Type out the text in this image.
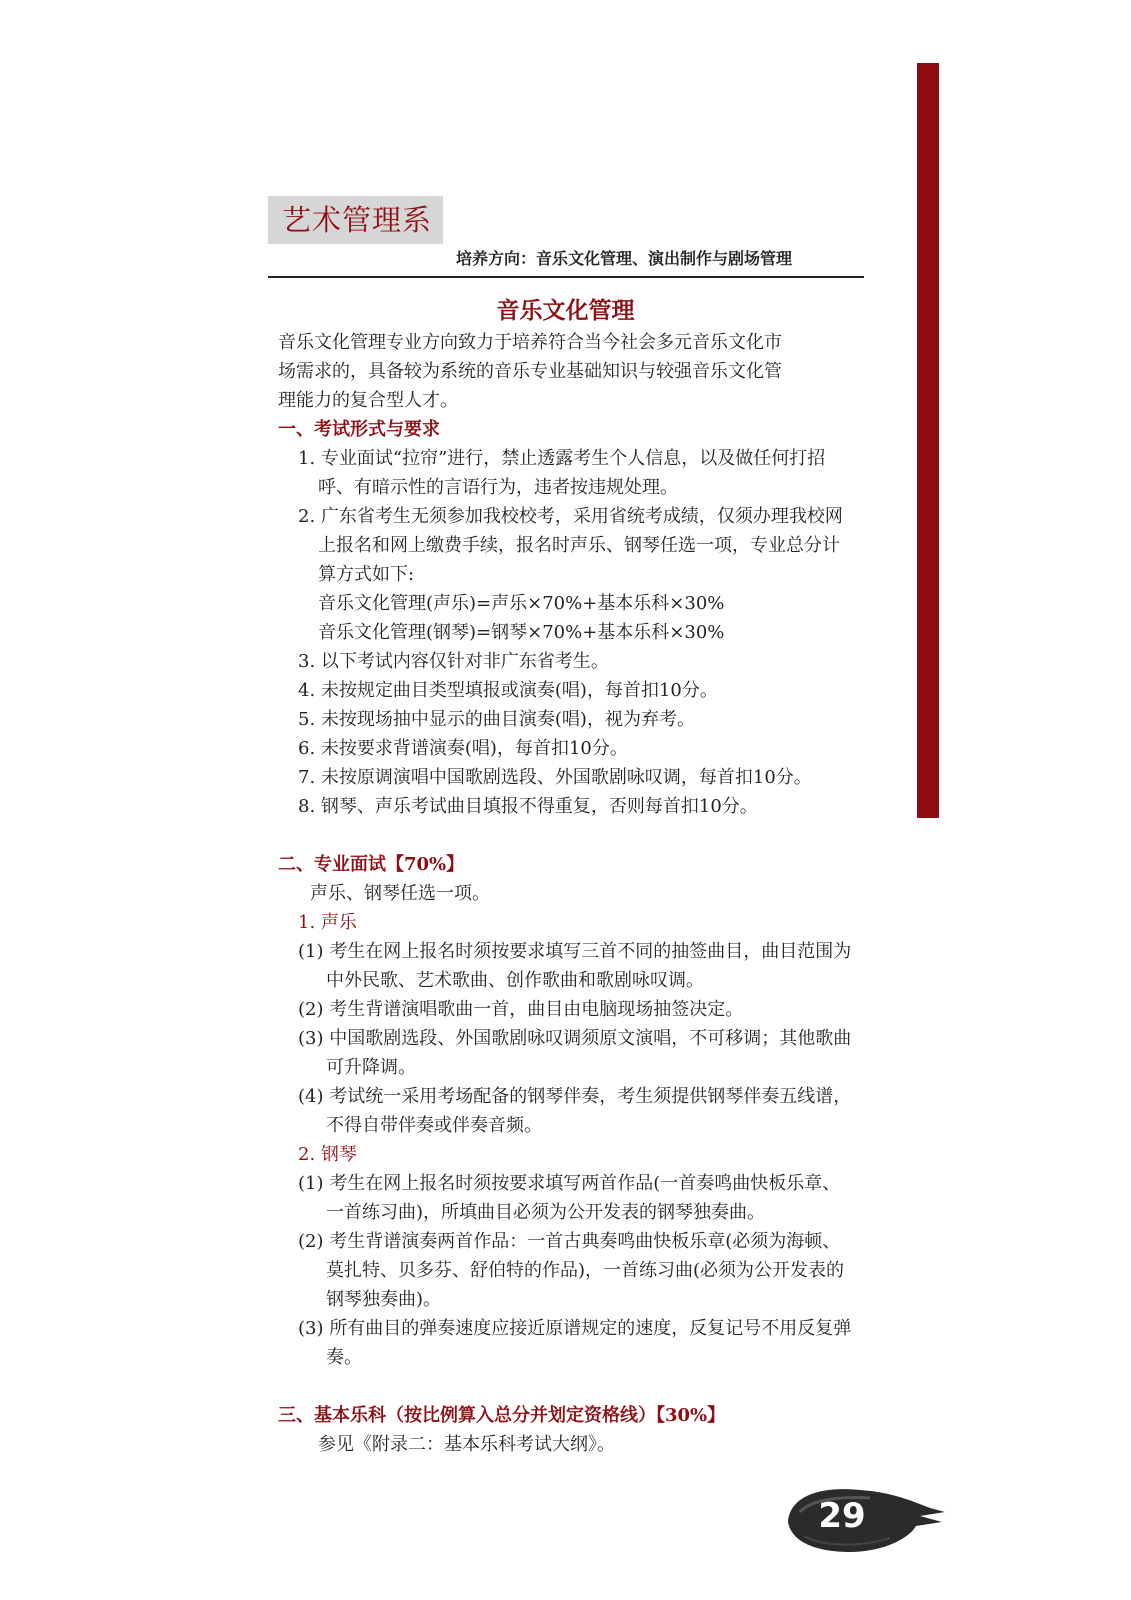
艺术管理系
培养方向：音乐文化管理、演出制作与剧场管理

音乐文化管理

音乐文化管理专业方向致力于培养符合当今社会多元音乐文化市

场需求的，具备较为系统的音乐专业基础知识与较强音乐文化管

理能力的复合型人才。

一、考试形式与要求

1. 专业面试“拉帘”进行，禁止透露考生个人信息，以及做任何打招呼、有暗示性的言语行为，违者按违规处理。

2. 广东省考生无须参加我校校考，采用省统考成绩，仅须办理我校网上报名和网上缴费手续，报名时声乐、钢琴任选一项，专业总分计算方式如下:

音乐文化管理(声乐)=声乐×70%+基本乐科×30%

音乐文化管理(钢琴)=钢琴×70%+基本乐科×30%

3. 以下考试内容仅针对非广东省考生。

4. 未按规定曲目类型填报或演奏(唱)，每首扣10分。

5. 未按现场抽中显示的曲目演奏(唱)，视为弃考。

6. 未按要求背谱演奏(唱)，每首扣10分。

7. 未按原调演唱中国歌剧选段、外国歌剧咏叹调，每首扣10分。

8. 钢琴、声乐考试曲目填报不得重复，否则每首扣10分。

二、专业面试【70%】

声乐、钢琴任选一项。

1. 声乐

(1) 考生在网上报名时须按要求填写三首不同的抽签曲目，曲目范围为中外民歌、艺术歌曲、创作歌曲和歌剧咏叹调。

(2) 考生背谱演唱歌曲一首，曲目由电脑现场抽签决定。

(3) 中国歌剧选段、外国歌剧咏叹调须原文演唱，不可移调；其他歌曲可升降调。

(4) 考试统一采用考场配备的钢琴伴奏，考生须提供钢琴伴奏五线谱，不得自带伴奏或伴奏音频。

2. 钢琴

(1) 考生在网上报名时须按要求填写两首作品(一首奏鸣曲快板乐章、一首练习曲)，所填曲目必须为公开发表的钢琴独奏曲。

(2) 考生背谱演奏两首作品：一首古典奏鸣曲快板乐章(必须为海顿、莫扎特、贝多芬、舒伯特的作品)，一首练习曲(必须为公开发表的钢琴独奏曲)。

(3) 所有曲目的弹奏速度应接近原谱规定的速度，反复记号不用反复弹奏。

三、基本乐科（按比例算入总分并划定资格线）【30%】

参见《附录二：基本乐科考试大纲》。

29
